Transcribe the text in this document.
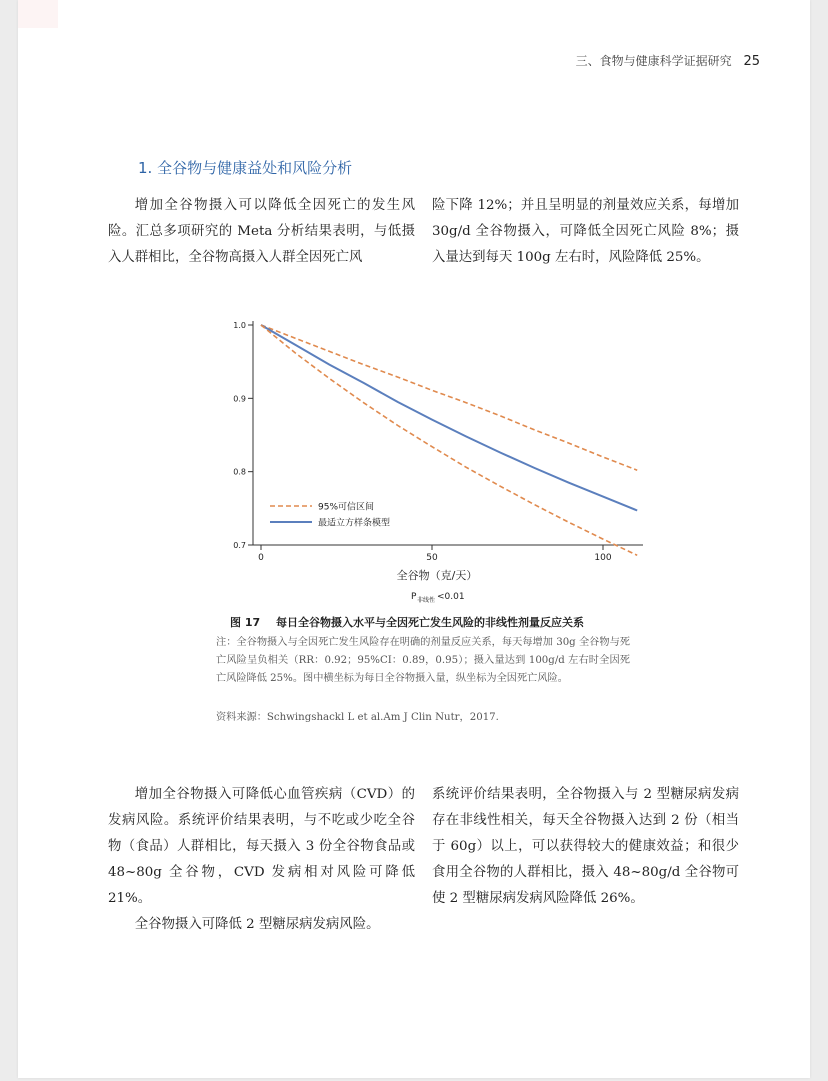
三、食物与健康科学证据研究 25
1. 全谷物与健康益处和风险分析

增加全谷物摄入可以降低全因死亡的发生风险。汇总多项研究的 Meta 分析结果表明，与低摄入人群相比，全谷物高摄入人群全因死亡风

险下降 12%；并且呈明显的剂量效应关系，每增加 30g/d 全谷物摄入，可降低全因死亡风险 8%；摄入量达到每天 100g 左右时，风险降低 25%。

0.7
0.8
0.9
1.0
0	50	100
95%可信区间
最适立方样条模型
全谷物（克/天）
P 非线性 <0.01
图 17 每日全谷物摄入水平与全因死亡发生风险的非线性剂量反应关系
注：全谷物摄入与全因死亡发生风险存在明确的剂量反应关系，每天每增加 30g 全谷物与死亡风险呈负相关（RR：0.92；95%CI：0.89，0.95）；摄入量达到 100g/d 左右时全因死亡风险降低 25%。图中横坐标为每日全谷物摄入量，纵坐标为全因死亡风险。
资料来源：Schwingshackl L et al.Am J Clin Nutr，2017.

增加全谷物摄入可降低心血管疾病（CVD）的发病风险。系统评价结果表明，与不吃或少吃全谷物（食品）人群相比，每天摄入 3 份全谷物食品或 48~80g 全谷物，CVD 发病相对风险可降低 21%。

全谷物摄入可降低 2 型糖尿病发病风险。

系统评价结果表明，全谷物摄入与 2 型糖尿病发病存在非线性相关，每天全谷物摄入达到 2 份（相当于 60g）以上，可以获得较大的健康效益；和很少食用全谷物的人群相比，摄入 48~80g/d 全谷物可使 2 型糖尿病发病风险降低 26%。
